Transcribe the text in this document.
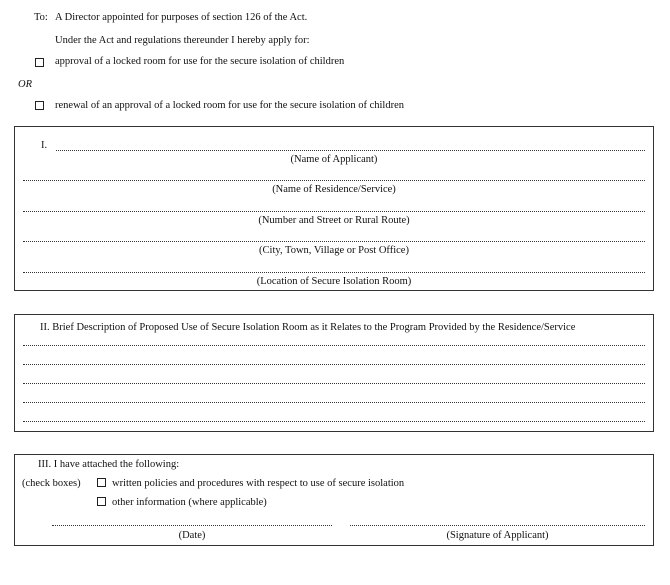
To: A Director appointed for purposes of section 126 of the Act.
Under the Act and regulations thereunder I hereby apply for:
approval of a locked room for use for the secure isolation of children
OR
renewal of an approval of a locked room for use for the secure isolation of children
I.
(Name of Applicant)
(Name of Residence/Service)
(Number and Street or Rural Route)
(City, Town, Village or Post Office)
(Location of Secure Isolation Room)
II. Brief Description of Proposed Use of Secure Isolation Room as it Relates to the Program Provided by the Residence/Service
III. I have attached the following:
(check boxes)	written policies and procedures with respect to use of secure isolation
other information (where applicable)
(Date)	(Signature of Applicant)
